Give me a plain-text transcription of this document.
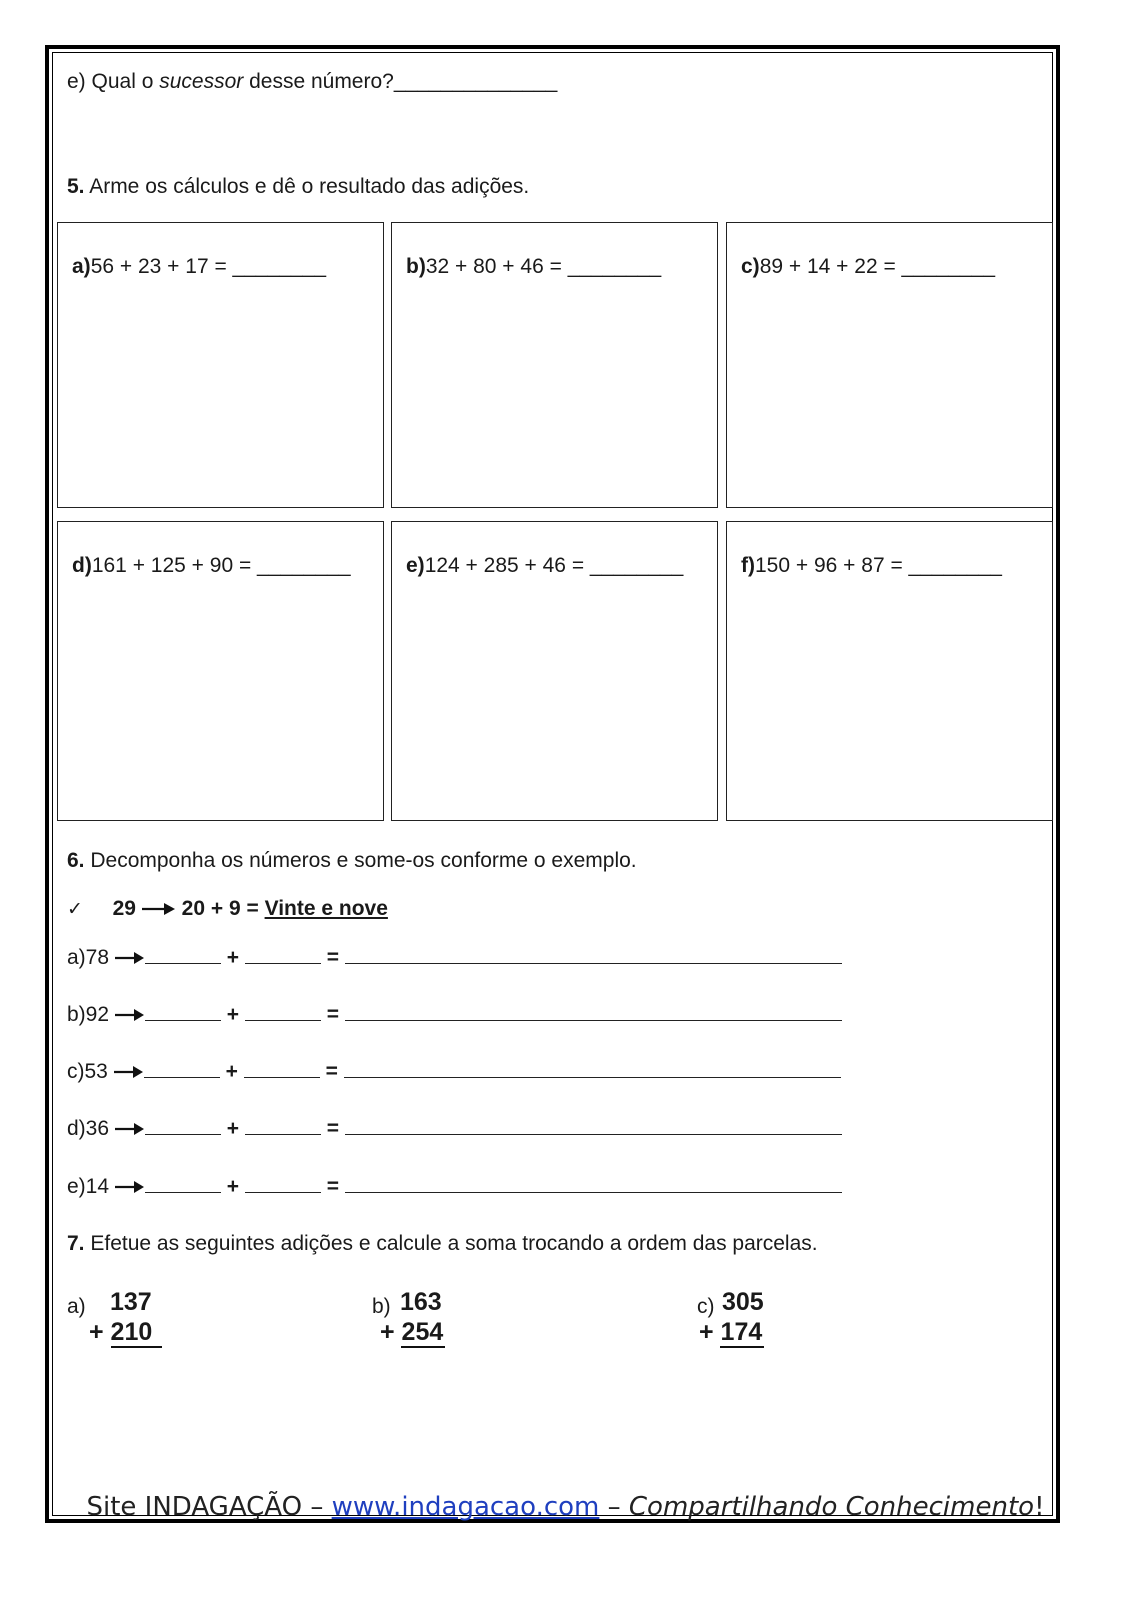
e) Qual o sucessor desse número?______________
5. Arme os cálculos e dê o resultado das adições.
a)56 + 23 + 17 = ________	b)32 + 80 + 46 = ________	c)89 + 14 + 22 = ________
d)161 + 125 + 90 = ________	e)124 + 285 + 46 = ________	f)150 + 96 + 87 = ________
6. Decomponha os números e some-os conforme o exemplo.
✓ 29 20 + 9 = Vinte e nove
a)78	+	=
b)92	+	=
c)53	+	=
d)36	+	=
e)14	+	=
7. Efetue as seguintes adições e calcule a soma trocando a ordem das parcelas.
a) 137
+ 210
b) 163
+ 254
c) 305
+ 174
Site INDAGAÇÃO – www.indagacao.com – Compartilhando Conhecimento!
